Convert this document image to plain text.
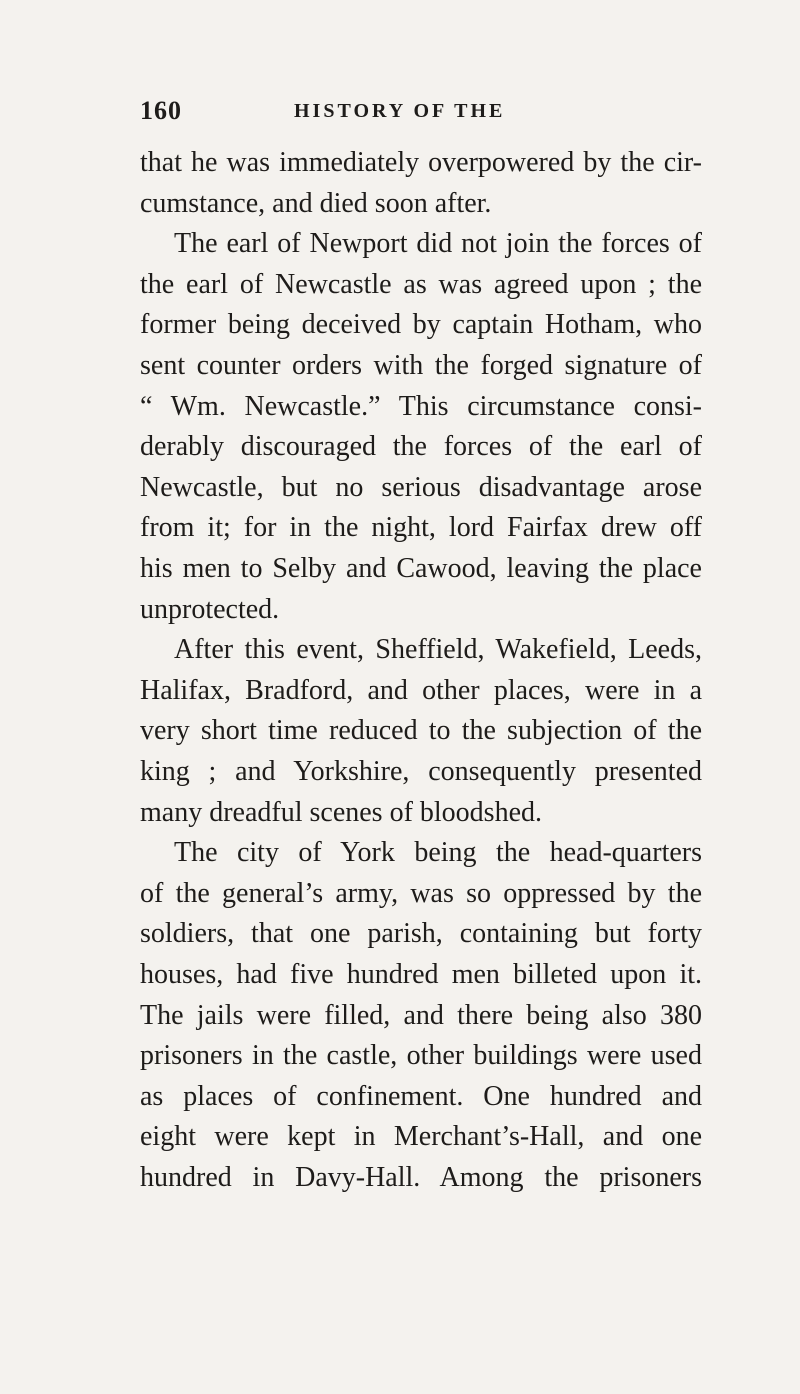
160	HISTORY OF THE
that he was immediately overpowered by the cir-
cumstance, and died soon after.
The earl of Newport did not join the forces of
the earl of Newcastle as was agreed upon ; the
former being deceived by captain Hotham, who
sent counter orders with the forged signature of
“ Wm. Newcastle.” This circumstance consi-
derably discouraged the forces of the earl of
Newcastle, but no serious disadvantage arose
from it; for in the night, lord Fairfax drew off
his men to Selby and Cawood, leaving the place
unprotected.
After this event, Sheffield, Wakefield, Leeds,
Halifax, Bradford, and other places, were in a
very short time reduced to the subjection of the
king ; and Yorkshire, consequently presented
many dreadful scenes of bloodshed.
The city of York being the head-quarters
of the general’s army, was so oppressed by the
soldiers, that one parish, containing but forty
houses, had five hundred men billeted upon it.
The jails were filled, and there being also 380
prisoners in the castle, other buildings were used
as places of confinement. One hundred and
eight were kept in Merchant’s-Hall, and one
hundred in Davy-Hall. Among the prisoners
